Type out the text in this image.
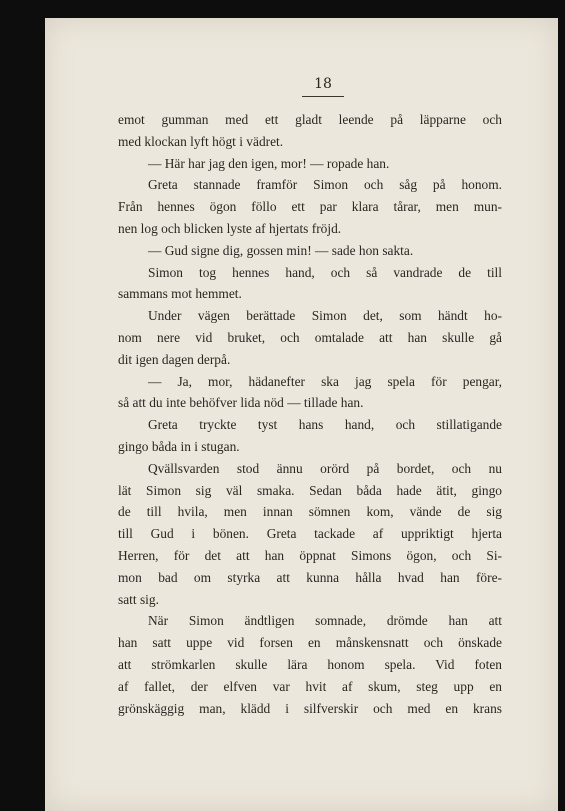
18
emot gumman med ett gladt leende på läpparne och
med klockan lyft högt i vädret.
— Här har jag den igen, mor! — ropade han.
Greta stannade framför Simon och såg på honom.
Från hennes ögon föllo ett par klara tårar, men mun-
nen log och blicken lyste af hjertats fröjd.
— Gud signe dig, gossen min! — sade hon sakta.
Simon tog hennes hand, och så vandrade de till
sammans mot hemmet.
Under vägen berättade Simon det, som händt ho-
nom nere vid bruket, och omtalade att han skulle gå
dit igen dagen derpå.
— Ja, mor, hädanefter ska jag spela för pengar,
så att du inte behöfver lida nöd — tillade han.
Greta tryckte tyst hans hand, och stillatigande
gingo båda in i stugan.
Qvällsvarden stod ännu orörd på bordet, och nu
lät Simon sig väl smaka. Sedan båda hade ätit, gingo
de till hvila, men innan sömnen kom, vände de sig
till Gud i bönen. Greta tackade af uppriktigt hjerta
Herren, för det att han öppnat Simons ögon, och Si-
mon bad om styrka att kunna hålla hvad han före-
satt sig.
När Simon ändtligen somnade, drömde han att
han satt uppe vid forsen en månskensnatt och önskade
att strömkarlen skulle lära honom spela. Vid foten
af fallet, der elfven var hvit af skum, steg upp en
grönskäggig man, klädd i silfverskir och med en krans
